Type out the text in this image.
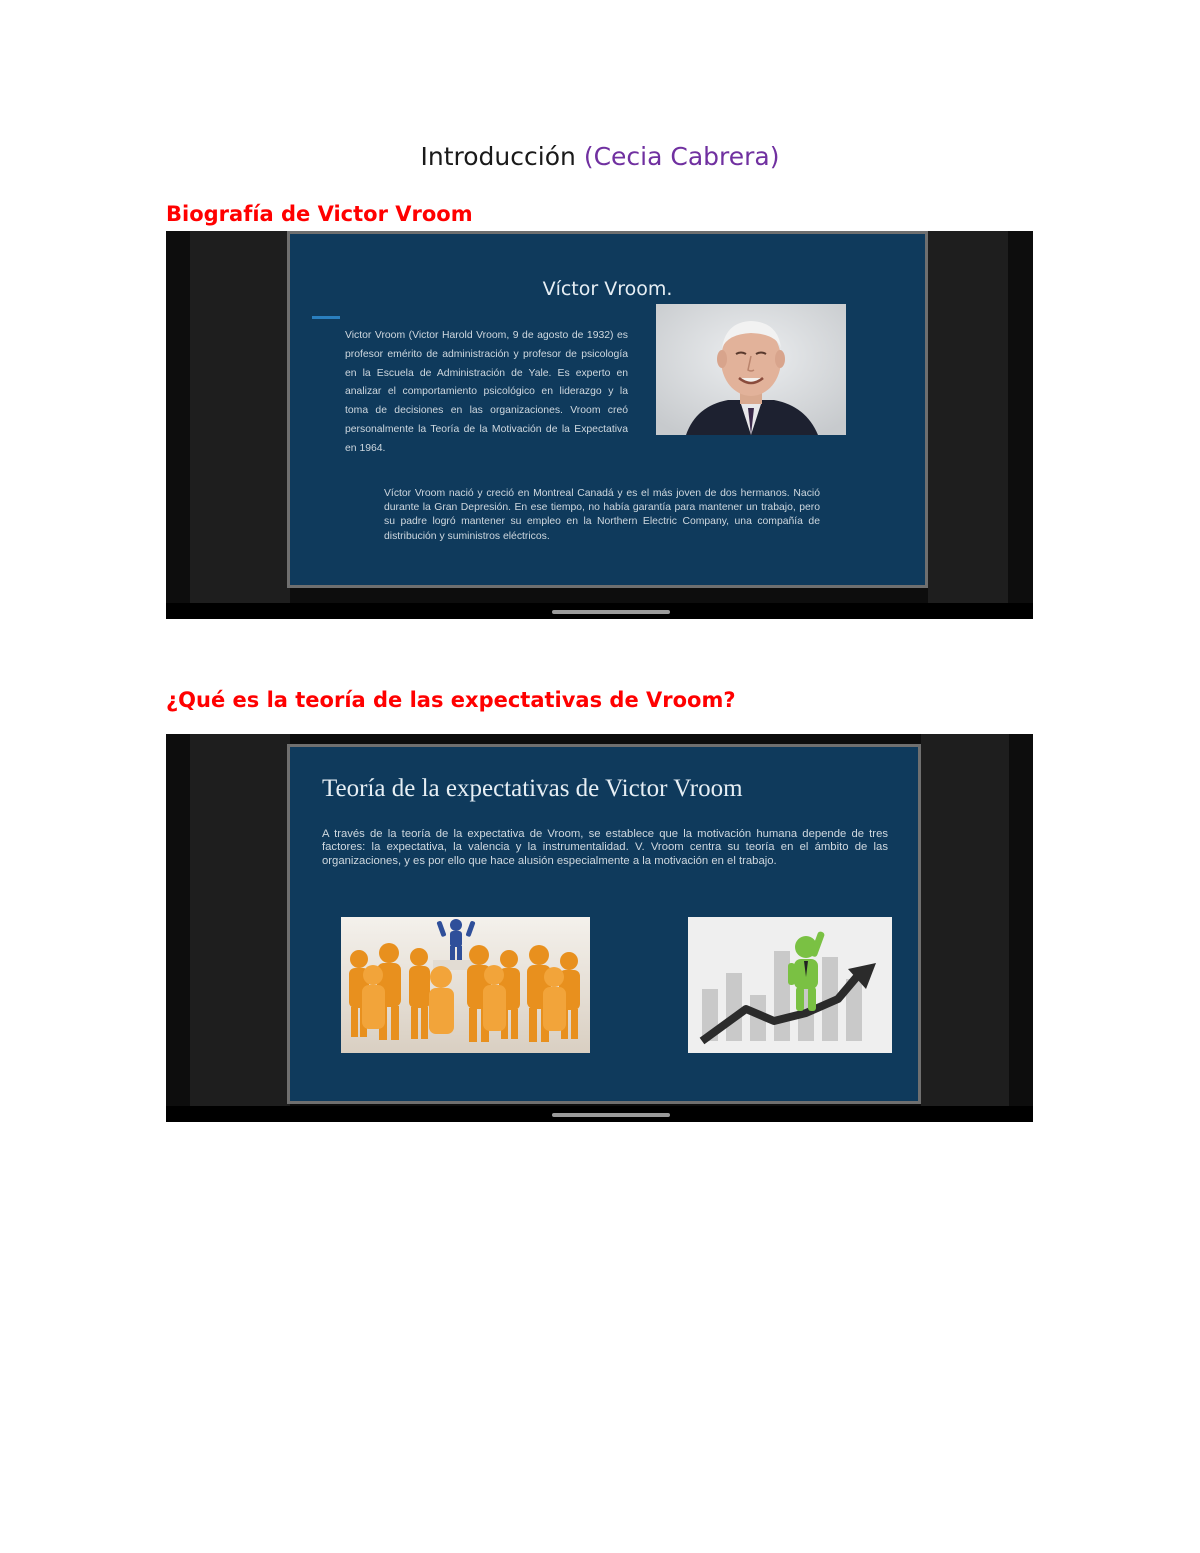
Introducción (Cecia Cabrera)
Biografía de Victor Vroom
Víctor Vroom.
Victor Vroom (Victor Harold Vroom, 9 de agosto de 1932) es profesor emérito de administración y profesor de psicología en la Escuela de Administración de Yale. Es experto en analizar el comportamiento psicológico en liderazgo y la toma de decisiones en las organizaciones. Vroom creó personalmente la Teoría de la Motivación de la Expectativa en 1964.
Víctor Vroom nació y creció en Montreal Canadá y es el más joven de dos hermanos. Nació durante la Gran Depresión. En ese tiempo, no había garantía para mantener un trabajo, pero su padre logró mantener su empleo en la Northern Electric Company, una compañía de distribución y suministros eléctricos.
¿Qué es la teoría de las expectativas de Vroom?
Teoría de la expectativas de Victor Vroom
A través de la teoría de la expectativa de Vroom, se establece que la motivación humana depende de tres factores: la expectativa, la valencia y la instrumentalidad. V. Vroom centra su teoría en el ámbito de las organizaciones, y es por ello que hace alusión especialmente a la motivación en el trabajo.
